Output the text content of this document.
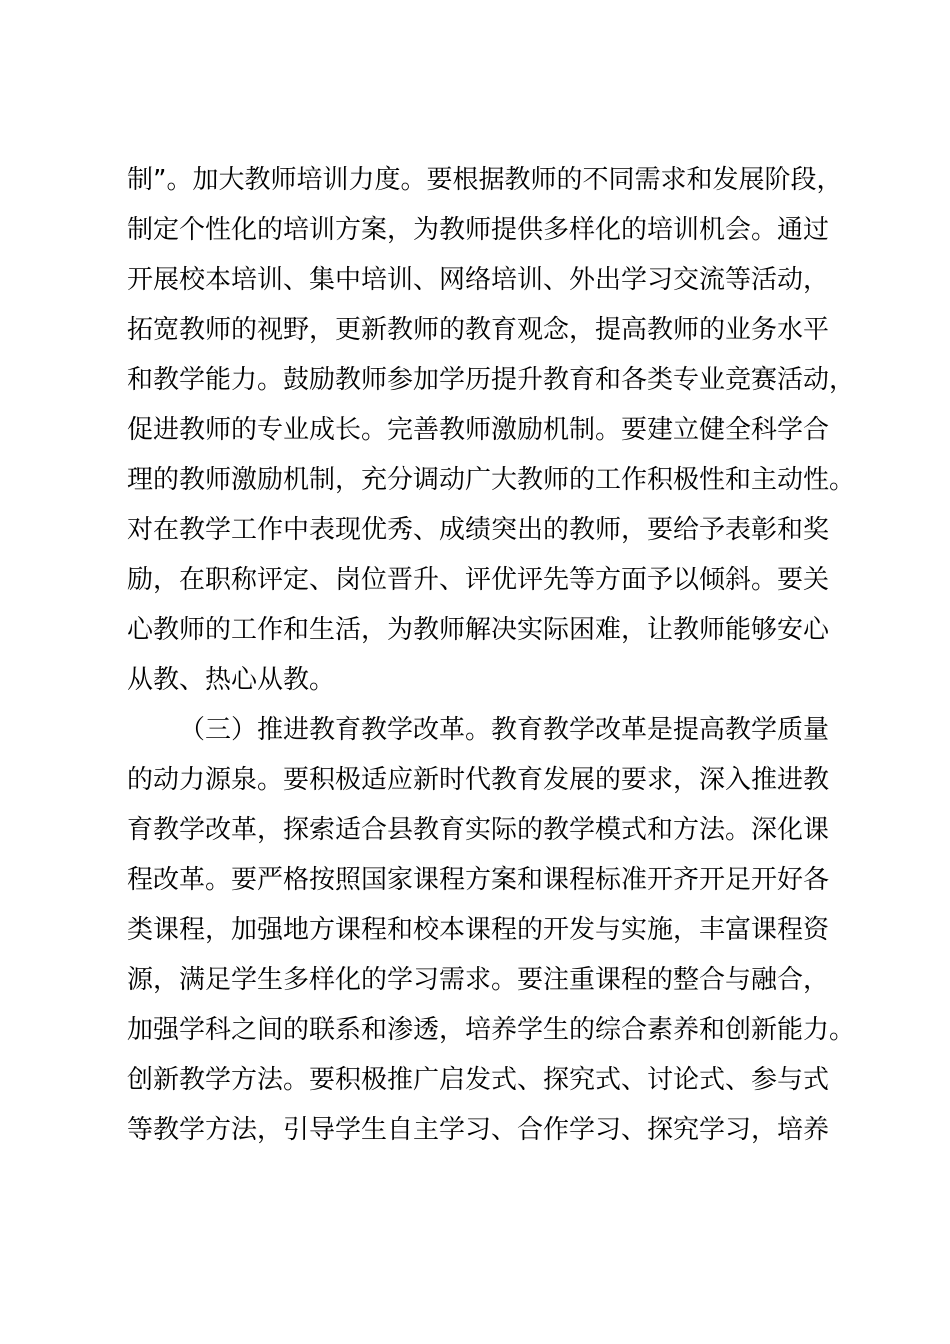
制”。加大教师培训力度。要根据教师的不同需求和发展阶段，
制定个性化的培训方案，为教师提供多样化的培训机会。通过
开展校本培训、集中培训、网络培训、外出学习交流等活动，
拓宽教师的视野，更新教师的教育观念，提高教师的业务水平
和教学能力。鼓励教师参加学历提升教育和各类专业竞赛活动，
促进教师的专业成长。完善教师激励机制。要建立健全科学合
理的教师激励机制，充分调动广大教师的工作积极性和主动性。
对在教学工作中表现优秀、成绩突出的教师，要给予表彰和奖
励，在职称评定、岗位晋升、评优评先等方面予以倾斜。要关
心教师的工作和生活，为教师解决实际困难，让教师能够安心
从教、热心从教。
（三）推进教育教学改革。教育教学改革是提高教学质量
的动力源泉。要积极适应新时代教育发展的要求，深入推进教
育教学改革，探索适合县教育实际的教学模式和方法。深化课
程改革。要严格按照国家课程方案和课程标准开齐开足开好各
类课程，加强地方课程和校本课程的开发与实施，丰富课程资
源，满足学生多样化的学习需求。要注重课程的整合与融合，
加强学科之间的联系和渗透，培养学生的综合素养和创新能力。
创新教学方法。要积极推广启发式、探究式、讨论式、参与式
等教学方法，引导学生自主学习、合作学习、探究学习，培养
